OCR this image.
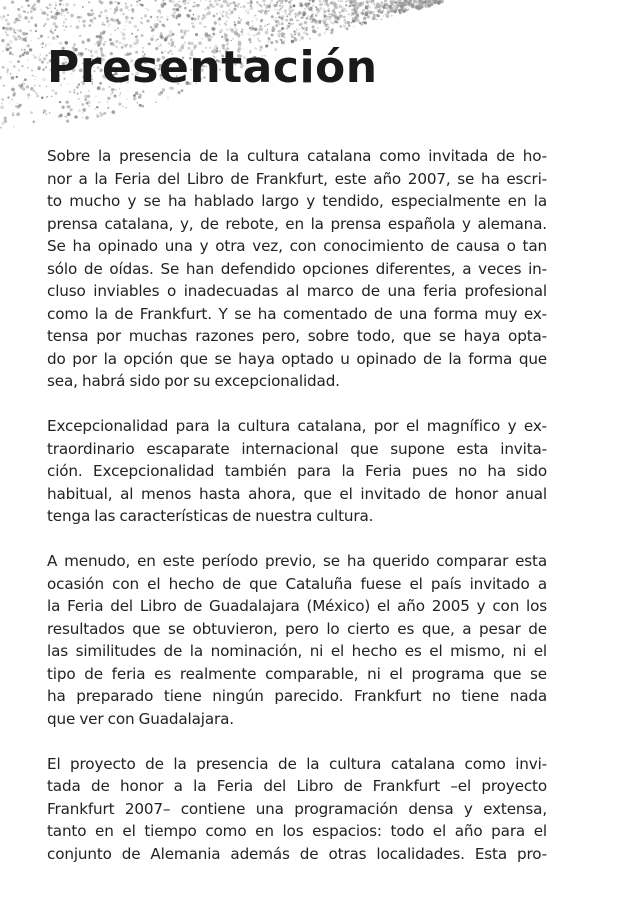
Presentación

Sobre la presencia de la cultura catalana como invitada de ho-
nor a la Feria del Libro de Frankfurt, este año 2007, se ha escri-
to mucho y se ha hablado largo y tendido, especialmente en la
prensa catalana, y, de rebote, en la prensa española y alemana.
Se ha opinado una y otra vez, con conocimiento de causa o tan
sólo de oídas. Se han defendido opciones diferentes, a veces in-
cluso inviables o inadecuadas al marco de una feria profesional
como la de Frankfurt. Y se ha comentado de una forma muy ex-
tensa por muchas razones pero, sobre todo, que se haya opta-
do por la opción que se haya optado u opinado de la forma que
sea, habrá sido por su excepcionalidad.

Excepcionalidad para la cultura catalana, por el magnífico y ex-
traordinario escaparate internacional que supone esta invita-
ción. Excepcionalidad también para la Feria pues no ha sido
habitual, al menos hasta ahora, que el invitado de honor anual
tenga las características de nuestra cultura.

A menudo, en este período previo, se ha querido comparar esta
ocasión con el hecho de que Cataluña fuese el país invitado a
la Feria del Libro de Guadalajara (México) el año 2005 y con los
resultados que se obtuvieron, pero lo cierto es que, a pesar de
las similitudes de la nominación, ni el hecho es el mismo, ni el
tipo de feria es realmente comparable, ni el programa que se
ha preparado tiene ningún parecido. Frankfurt no tiene nada
que ver con Guadalajara.

El proyecto de la presencia de la cultura catalana como invi-
tada de honor a la Feria del Libro de Frankfurt –el proyecto
Frankfurt 2007– contiene una programación densa y extensa,
tanto en el tiempo como en los espacios: todo el año para el
conjunto de Alemania además de otras localidades. Esta pro-
